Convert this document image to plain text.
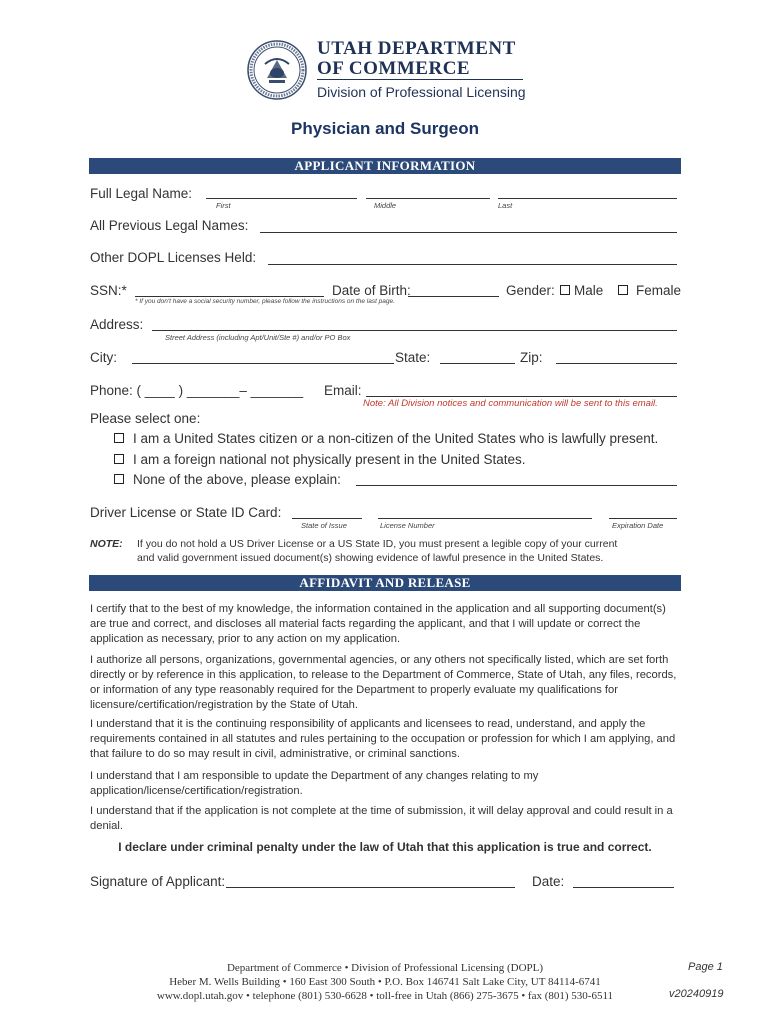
UTAH DEPARTMENT
OF COMMERCE
Division of Professional Licensing
Physician and Surgeon
APPLICANT INFORMATION
Full Legal Name:
First	Middle	Last
All Previous Legal Names:
Other DOPL Licenses Held:
SSN:*
* If you don't have a social security number, please follow the instructions on the last page.
Date of Birth:	Gender: Male Female
Address:
Street Address (including Apt/Unit/Ste #) and/or PO Box
City:	State:	Zip:
Phone: ( ____ ) _______– _______ Email:
Note: All Division notices and communication will be sent to this email.
Please select one:
I am a United States citizen or a non-citizen of the United States who is lawfully present.
I am a foreign national not physically present in the United States.
None of the above, please explain:
Driver License or State ID Card:
State of Issue	License Number	Expiration Date
NOTE: If you do not hold a US Driver License or a US State ID, you must present a legible copy of your current
and valid government issued document(s) showing evidence of lawful presence in the United States.
AFFIDAVIT AND RELEASE
I certify that to the best of my knowledge, the information contained in the application and all supporting document(s) are true and correct, and discloses all material facts regarding the applicant, and that I will update or correct the application as necessary, prior to any action on my application.
I authorize all persons, organizations, governmental agencies, or any others not specifically listed, which are set forth directly or by reference in this application, to release to the Department of Commerce, State of Utah, any files, records, or information of any type reasonably required for the Department to properly evaluate my qualifications for licensure/certification/registration by the State of Utah.
I understand that it is the continuing responsibility of applicants and licensees to read, understand, and apply the requirements contained in all statutes and rules pertaining to the occupation or profession for which I am applying, and that failure to do so may result in civil, administrative, or criminal sanctions.
I understand that I am responsible to update the Department of any changes relating to my application/license/certification/registration.
I understand that if the application is not complete at the time of submission, it will delay approval and could result in a denial.
I declare under criminal penalty under the law of Utah that this application is true and correct.
Signature of Applicant:	Date:
Department of Commerce • Division of Professional Licensing (DOPL)
Heber M. Wells Building • 160 East 300 South • P.O. Box 146741 Salt Lake City, UT 84114-6741
www.dopl.utah.gov • telephone (801) 530-6628 • toll-free in Utah (866) 275-3675 • fax (801) 530-6511
Page 1
v20240919
